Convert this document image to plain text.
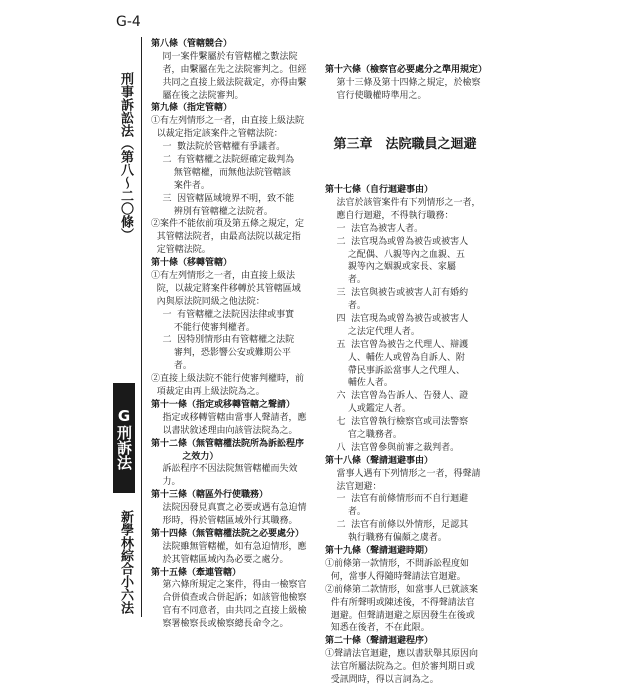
G-4
刑事訴訟法（第八～二〇條）
G刑訴法
新學林綜合小六法
第八條（管轄競合）
同一案件繫屬於有管轄權之數法院
者，由繫屬在先之法院審判之。但經
共同之直接上級法院裁定，亦得由繫
屬在後之法院審判。
第九條（指定管轄）
①有左列情形之一者，由直接上級法院
以裁定指定該案件之管轄法院：
一  數法院於管轄權有爭議者。
二  有管轄權之法院經確定裁判為
無管轄權，而無他法院管轄該
案件者。
三  因管轄區域境界不明，致不能
辨別有管轄權之法院者。
②案件不能依前項及第五條之規定，定
其管轄法院者，由最高法院以裁定指
定管轄法院。
第十條（移轉管轄）
①有左列情形之一者，由直接上級法
院，以裁定將案件移轉於其管轄區域
內與原法院同級之他法院：
一  有管轄權之法院因法律或事實
不能行使審判權者。
二  因特別情形由有管轄權之法院
審判，恐影響公安或難期公平
者。
②直接上級法院不能行使審判權時，前
項裁定由再上級法院為之。
第十一條（指定或移轉管轄之聲請）
指定或移轉管轄由當事人聲請者，應
以書狀敘述理由向該管法院為之。
第十二條（無管轄權法院所為訴訟程序
之效力）
訴訟程序不因法院無管轄權而失效
力。
第十三條（轄區外行使職務）
法院因發見真實之必要或遇有急迫情
形時，得於管轄區域外行其職務。
第十四條（無管轄權法院之必要處分）
法院雖無管轄權，如有急迫情形，應
於其管轄區域內為必要之處分。
第十五條（牽連管轄）
第六條所規定之案件，得由一檢察官
合併偵查或合併起訴；如該管他檢察
官有不同意者，由共同之直接上級檢
察署檢察長或檢察總長命令之。

第十六條（檢察官必要處分之準用規定）
第十三條及第十四條之規定，於檢察
官行使職權時準用之。

第三章　法院職員之迴避

第十七條（自行迴避事由）
法官於該管案件有下列情形之一者，
應自行迴避，不得執行職務：
一  法官為被害人者。
二  法官現為或曾為被告或被害人
之配偶、八親等內之血親、五
親等內之姻親或家長、家屬
者。
三  法官與被告或被害人訂有婚約
者。
四  法官現為或曾為被告或被害人
之法定代理人者。
五  法官曾為被告之代理人、辯護
人、輔佐人或曾為自訴人、附
帶民事訴訟當事人之代理人、
輔佐人者。
六  法官曾為告訴人、告發人、證
人或鑑定人者。
七  法官曾執行檢察官或司法警察
官之職務者。
八  法官曾參與前審之裁判者。
第十八條（聲請迴避事由）
當事人遇有下列情形之一者，得聲請
法官迴避：
一  法官有前條情形而不自行迴避
者。
二  法官有前條以外情形，足認其
執行職務有偏頗之虞者。
第十九條（聲請迴避時期）
①前條第一款情形，不問訴訟程度如
何，當事人得隨時聲請法官迴避。
②前條第二款情形，如當事人已就該案
件有所聲明或陳述後，不得聲請法官
迴避。但聲請迴避之原因發生在後或
知悉在後者，不在此限。
第二十條（聲請迴避程序）
①聲請法官迴避，應以書狀舉其原因向
法官所屬法院為之。但於審判期日或
受訊問時，得以言詞為之。
